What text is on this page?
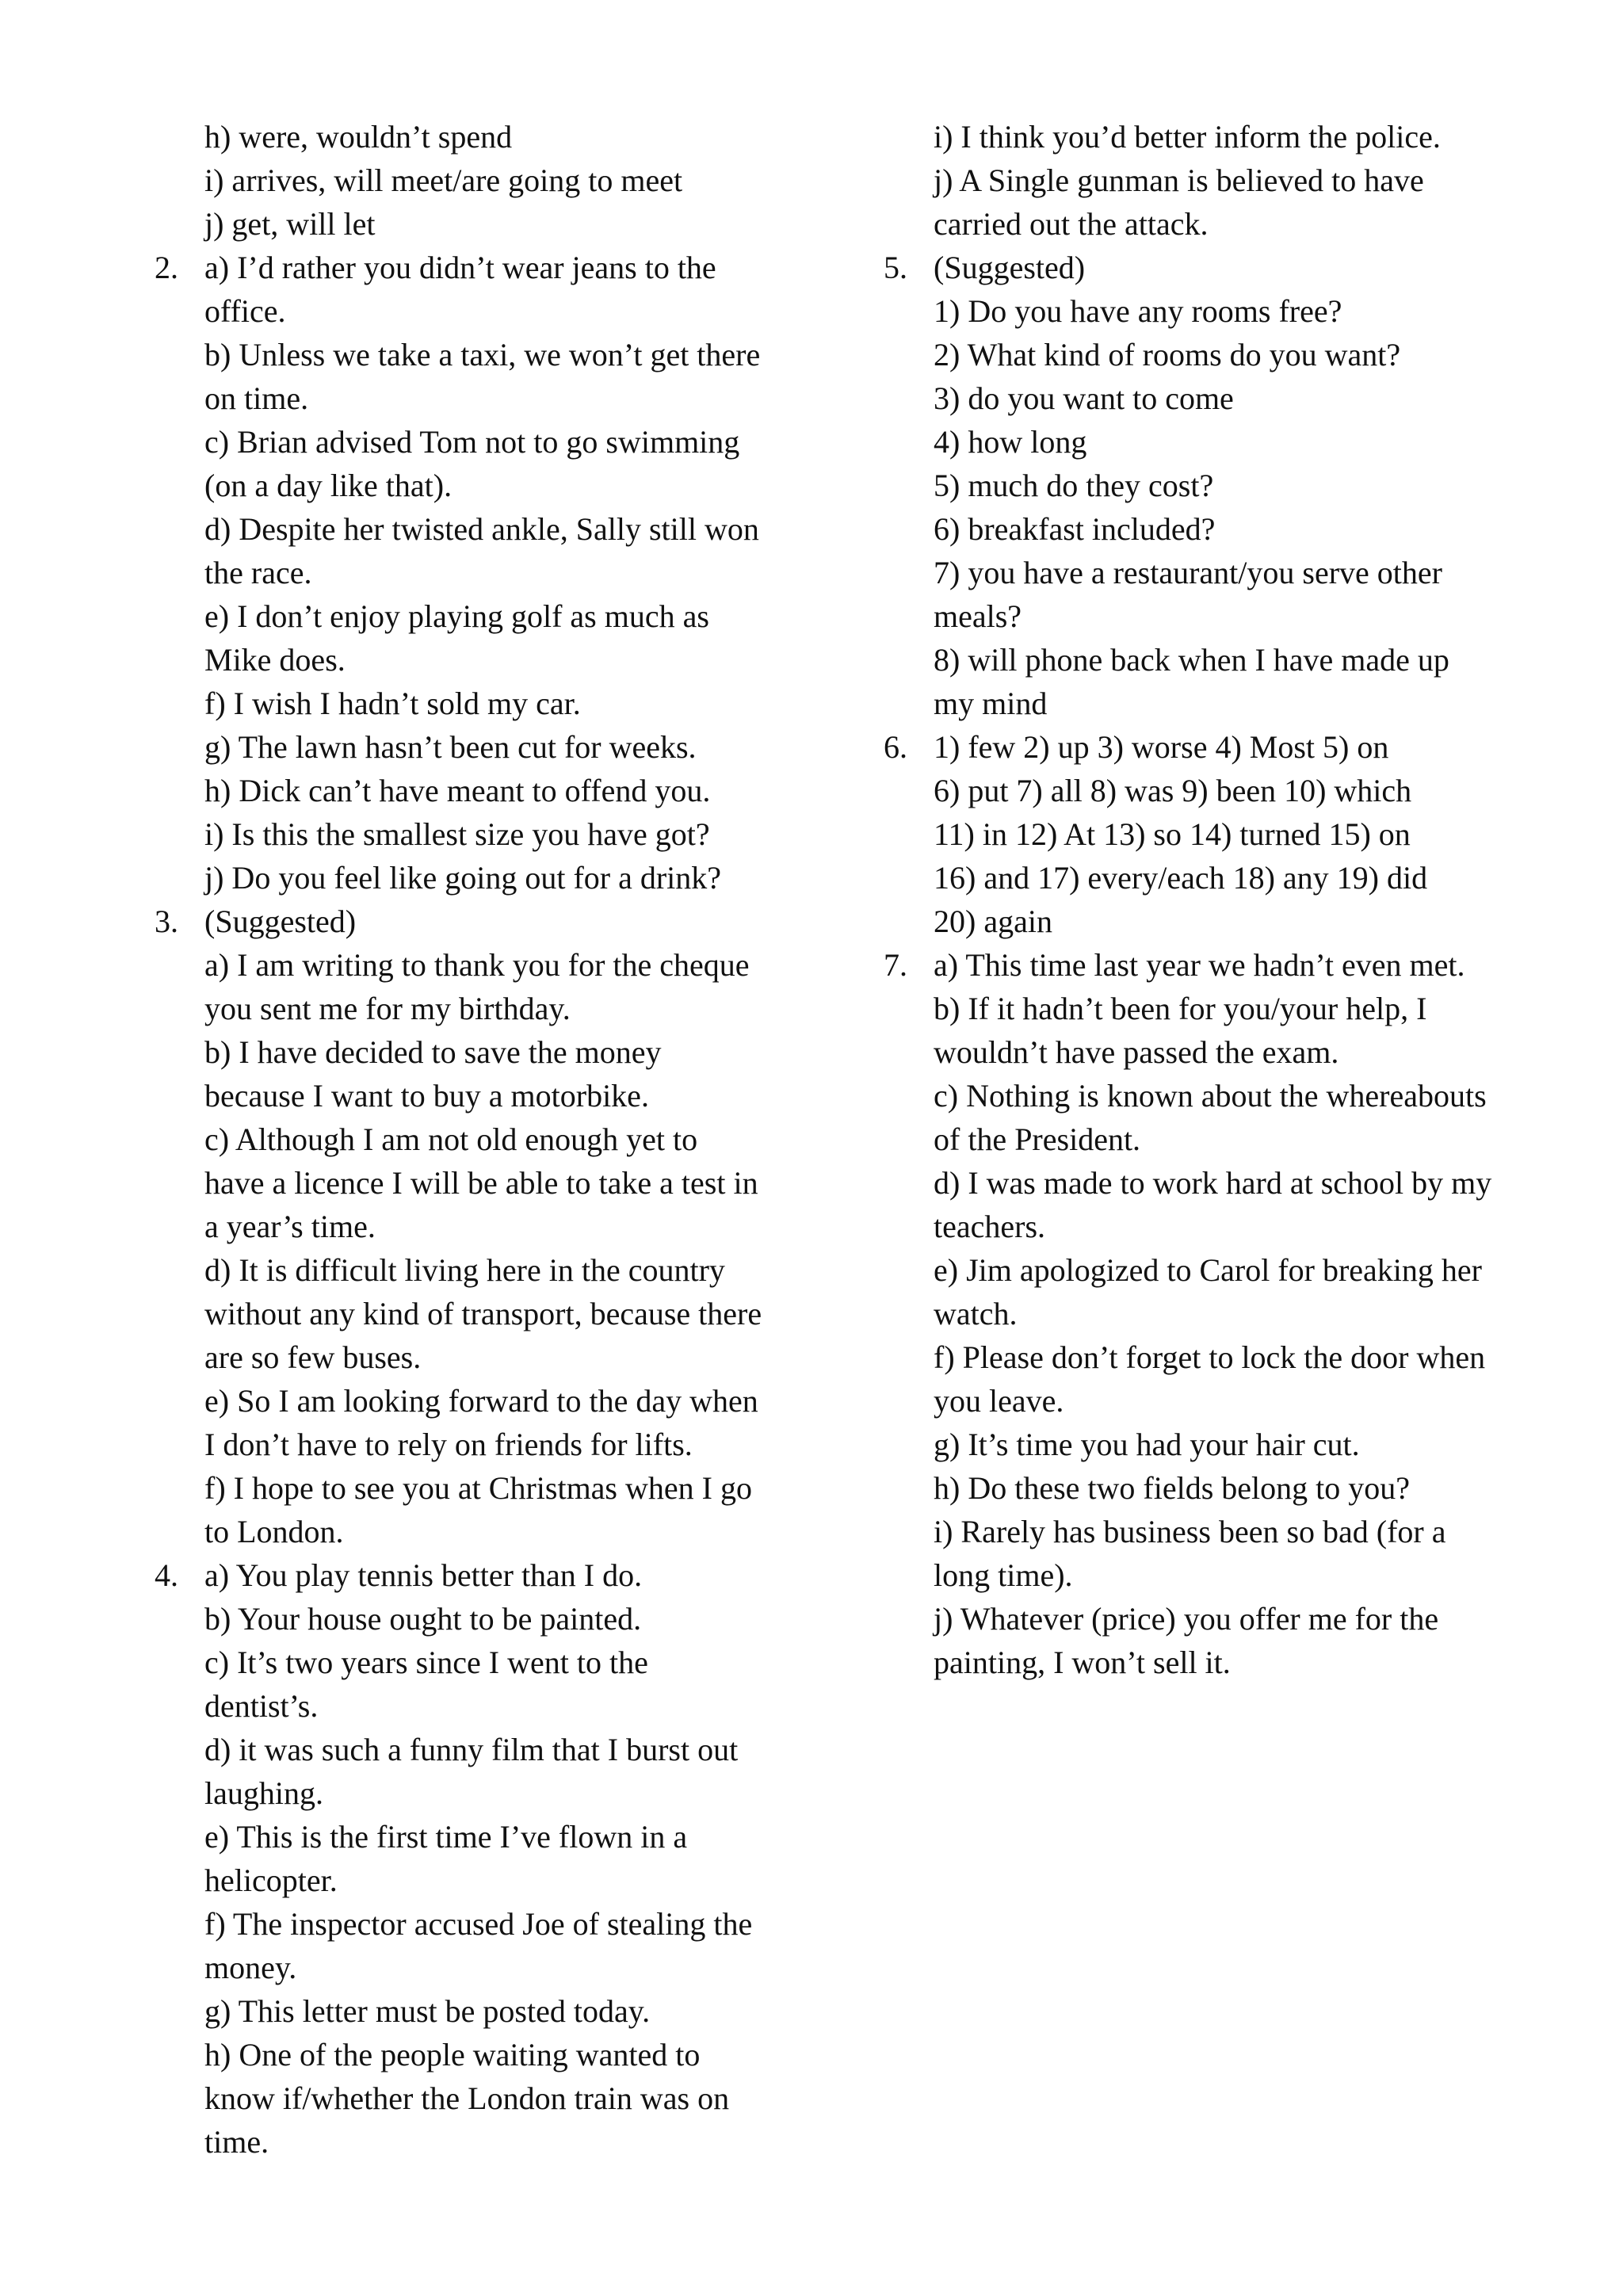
h) were, wouldn’t spend
i) arrives, will meet/are going to meet
j) get, will let
2. a) I’d rather you didn’t wear jeans to the
office.
b) Unless we take a taxi, we won’t get there
on time.
c) Brian advised Tom not to go swimming
(on a day like that).
d) Despite her twisted ankle, Sally still won
the race.
e) I don’t enjoy playing golf as much as
Mike does.
f) I wish I hadn’t sold my car.
g) The lawn hasn’t been cut for weeks.
h) Dick can’t have meant to offend you.
i) Is this the smallest size you have got?
j) Do you feel like going out for a drink?
3. (Suggested)
a) I am writing to thank you for the cheque
you sent me for my birthday.
b) I have decided to save the money
because I want to buy a motorbike.
c) Although I am not old enough yet to
have a licence I will be able to take a test in
a year’s time.
d) It is difficult living here in the country
without any kind of transport, because there
are so few buses.
e) So I am looking forward to the day when
I don’t have to rely on friends for lifts.
f) I hope to see you at Christmas when I go
to London.
4. a) You play tennis better than I do.
b) Your house ought to be painted.
c) It’s two years since I went to the
dentist’s.
d) it was such a funny film that I burst out
laughing.
e) This is the first time I’ve flown in a
helicopter.
f) The inspector accused Joe of stealing the
money.
g) This letter must be posted today.
h) One of the people waiting wanted to
know if/whether the London train was on
time.
i) I think you’d better inform the police.
j) A Single gunman is believed to have
carried out the attack.
5. (Suggested)
1) Do you have any rooms free?
2) What kind of rooms do you want?
3) do you want to come
4) how long
5) much do they cost?
6) breakfast included?
7) you have a restaurant/you serve other
meals?
8) will phone back when I have made up
my mind
6. 1) few 2) up 3) worse 4) Most 5) on
6) put 7) all 8) was 9) been 10) which
11) in 12) At 13) so 14) turned 15) on
16) and 17) every/each 18) any 19) did
20) again
7. a) This time last year we hadn’t even met.
b) If it hadn’t been for you/your help, I
wouldn’t have passed the exam.
c) Nothing is known about the whereabouts
of the President.
d) I was made to work hard at school by my
teachers.
e) Jim apologized to Carol for breaking her
watch.
f) Please don’t forget to lock the door when
you leave.
g) It’s time you had your hair cut.
h) Do these two fields belong to you?
i) Rarely has business been so bad (for a
long time).
j) Whatever (price) you offer me for the
painting, I won’t sell it.
